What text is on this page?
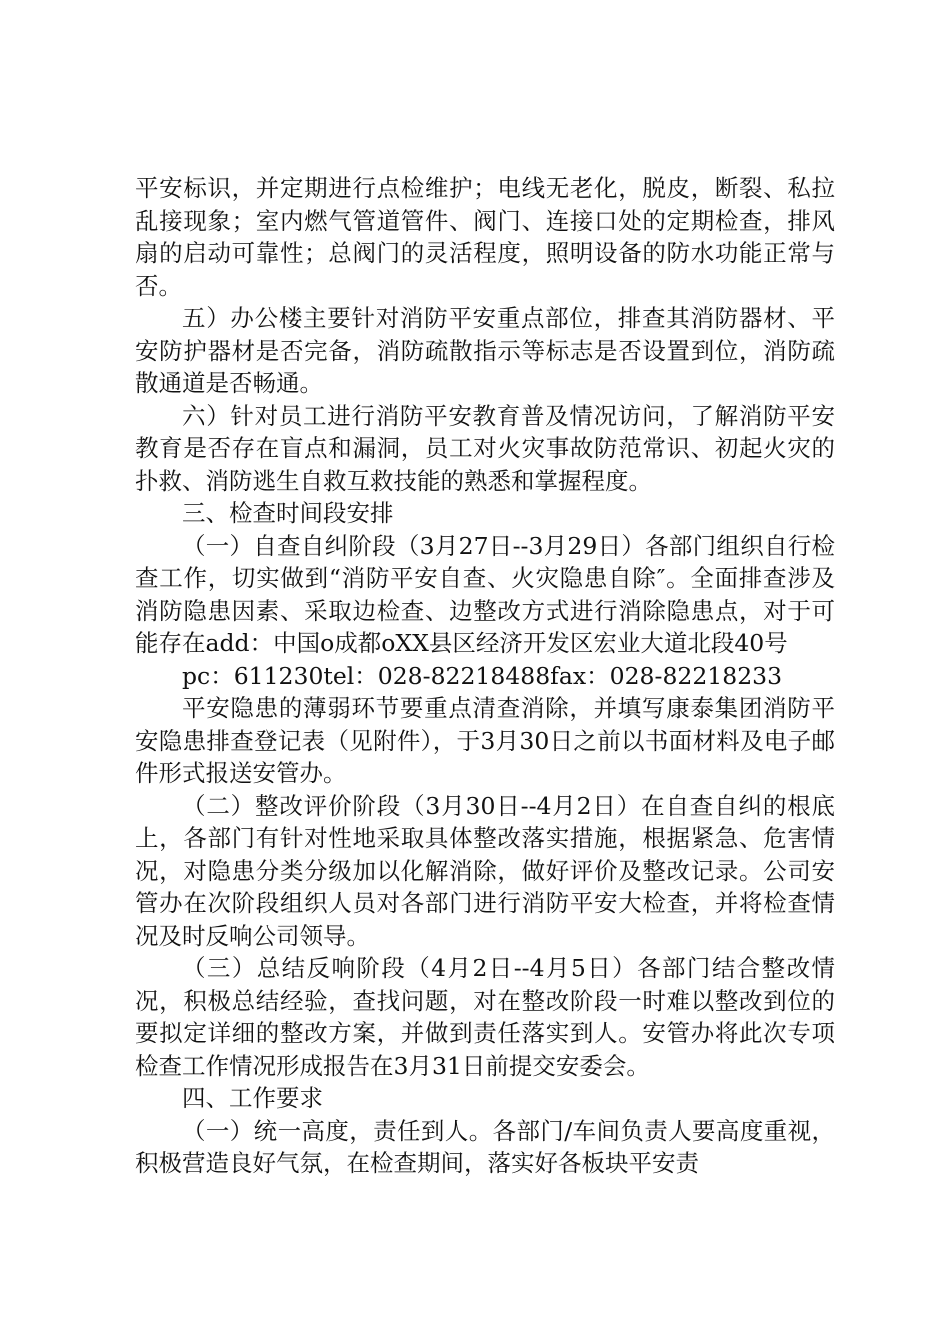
平安标识，并定期进行点检维护；电线无老化，脱皮，断裂、私拉乱接现象；室内燃气管道管件、阀门、连接口处的定期检查，排风扇的启动可靠性；总阀门的灵活程度，照明设备的防水功能正常与否。

五）办公楼主要针对消防平安重点部位，排查其消防器材、平安防护器材是否完备，消防疏散指示等标志是否设置到位，消防疏散通道是否畅通。

六）针对员工进行消防平安教育普及情况访问，了解消防平安教育是否存在盲点和漏洞，员工对火灾事故防范常识、初起火灾的扑救、消防逃生自救互救技能的熟悉和掌握程度。

三、检查时间段安排

（一）自查自纠阶段（3月27日--3月29日）各部门组织自行检查工作，切实做到“消防平安自查、火灾隐患自除″。全面排查涉及消防隐患因素、采取边检查、边整改方式进行消除隐患点，对于可能存在add：中国o成都oXX县区经济开发区宏业大道北段40号

pc：611230tel：028-82218488fax：028-82218233

平安隐患的薄弱环节要重点清查消除，并填写康泰集团消防平安隐患排查登记表（见附件），于3月30日之前以书面材料及电子邮件形式报送安管办。

（二）整改评价阶段（3月30日--4月2日）在自查自纠的根底上，各部门有针对性地采取具体整改落实措施，根据紧急、危害情况，对隐患分类分级加以化解消除，做好评价及整改记录。公司安管办在次阶段组织人员对各部门进行消防平安大检查，并将检查情况及时反响公司领导。

（三）总结反响阶段（4月2日--4月5日）各部门结合整改情况，积极总结经验，查找问题，对在整改阶段一时难以整改到位的要拟定详细的整改方案，并做到责任落实到人。安管办将此次专项检查工作情况形成报告在3月31日前提交安委会。

四、工作要求

（一）统一高度，责任到人。各部门/车间负责人要高度重视，积极营造良好气氛，在检查期间，落实好各板块平安责
